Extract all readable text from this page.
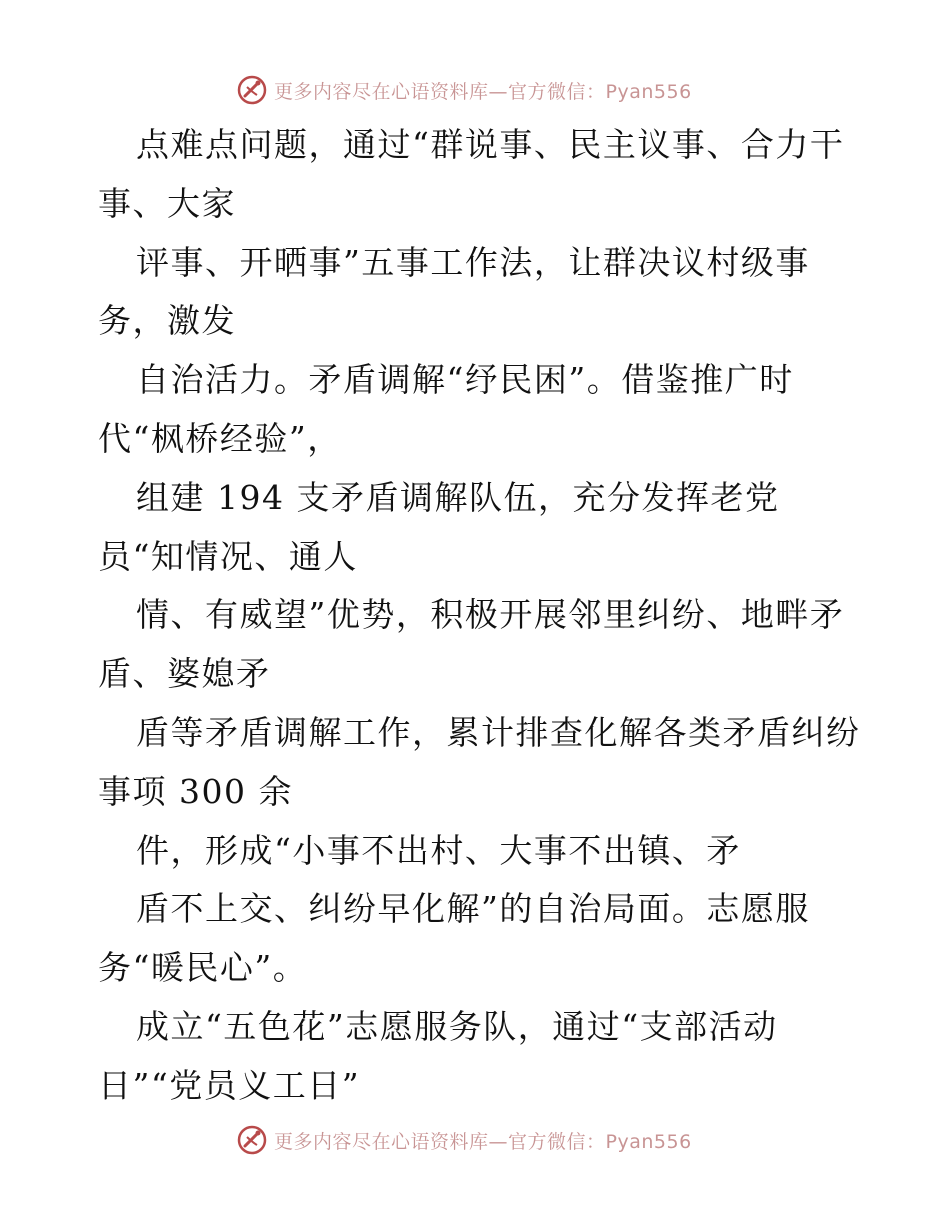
更多内容尽在心语资料库—官方微信：Pyan556
点难点问题，通过“群说事、民主议事、合力干
事、大家
评事、开晒事”五事工作法，让群决议村级事
务，激发
自治活力。矛盾调解“纾民困”。借鉴推广时
代“枫桥经验”，
组建 194 支矛盾调解队伍，充分发挥老党
员“知情况、通人
情、有威望”优势，积极开展邻里纠纷、地畔矛
盾、婆媳矛
盾等矛盾调解工作，累计排查化解各类矛盾纠纷
事项 300 余
件，形成“小事不出村、大事不出镇、矛
盾不上交、纠纷早化解”的自治局面。志愿服
务“暖民心”。
成立“五色花”志愿服务队，通过“支部活动
日”“党员义工日”
更多内容尽在心语资料库—官方微信：Pyan556
